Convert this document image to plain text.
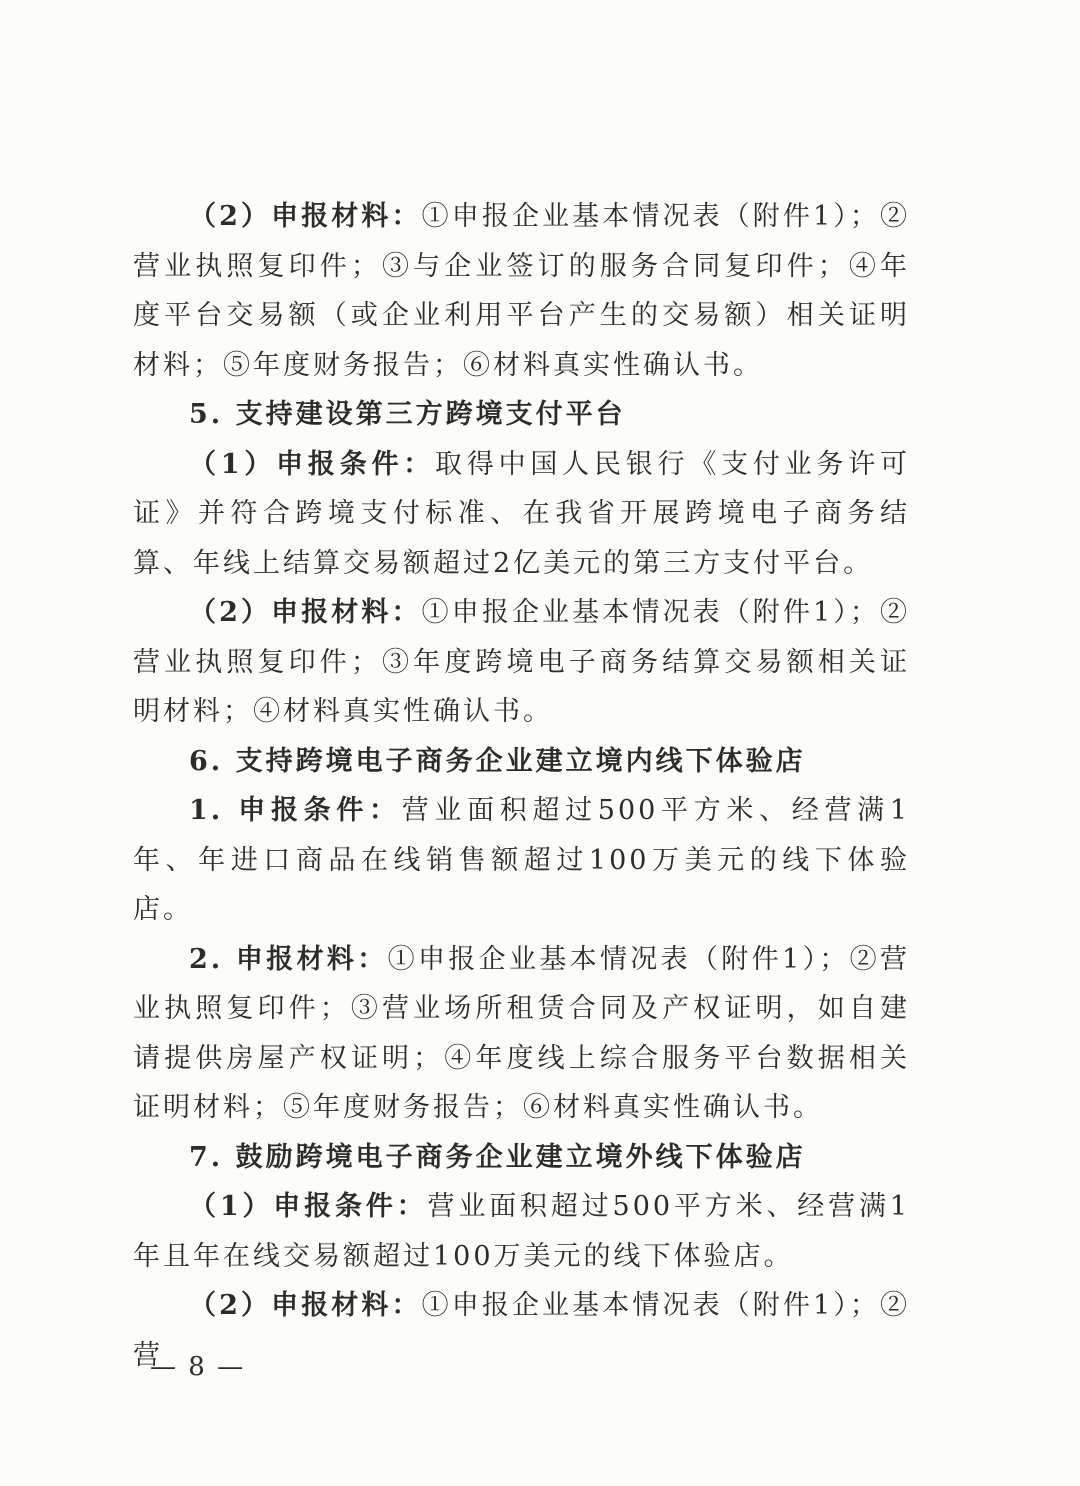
（2）申报材料：①申报企业基本情况表（附件1）；②营业执照复印件；③与企业签订的服务合同复印件；④年度平台交易额（或企业利用平台产生的交易额）相关证明材料；⑤年度财务报告；⑥材料真实性确认书。

5. 支持建设第三方跨境支付平台

（1）申报条件：取得中国人民银行《支付业务许可证》并符合跨境支付标准、在我省开展跨境电子商务结算、年线上结算交易额超过2亿美元的第三方支付平台。

（2）申报材料：①申报企业基本情况表（附件1）；②营业执照复印件；③年度跨境电子商务结算交易额相关证明材料；④材料真实性确认书。

6. 支持跨境电子商务企业建立境内线下体验店

1. 申报条件：营业面积超过500平方米、经营满1年、年进口商品在线销售额超过100万美元的线下体验店。

2. 申报材料：①申报企业基本情况表（附件1）；②营业执照复印件；③营业场所租赁合同及产权证明，如自建请提供房屋产权证明；④年度线上综合服务平台数据相关证明材料；⑤年度财务报告；⑥材料真实性确认书。

7. 鼓励跨境电子商务企业建立境外线下体验店

（1）申报条件：营业面积超过500平方米、经营满1年且年在线交易额超过100万美元的线下体验店。

（2）申报材料：①申报企业基本情况表（附件1）；②营

— 8 —
